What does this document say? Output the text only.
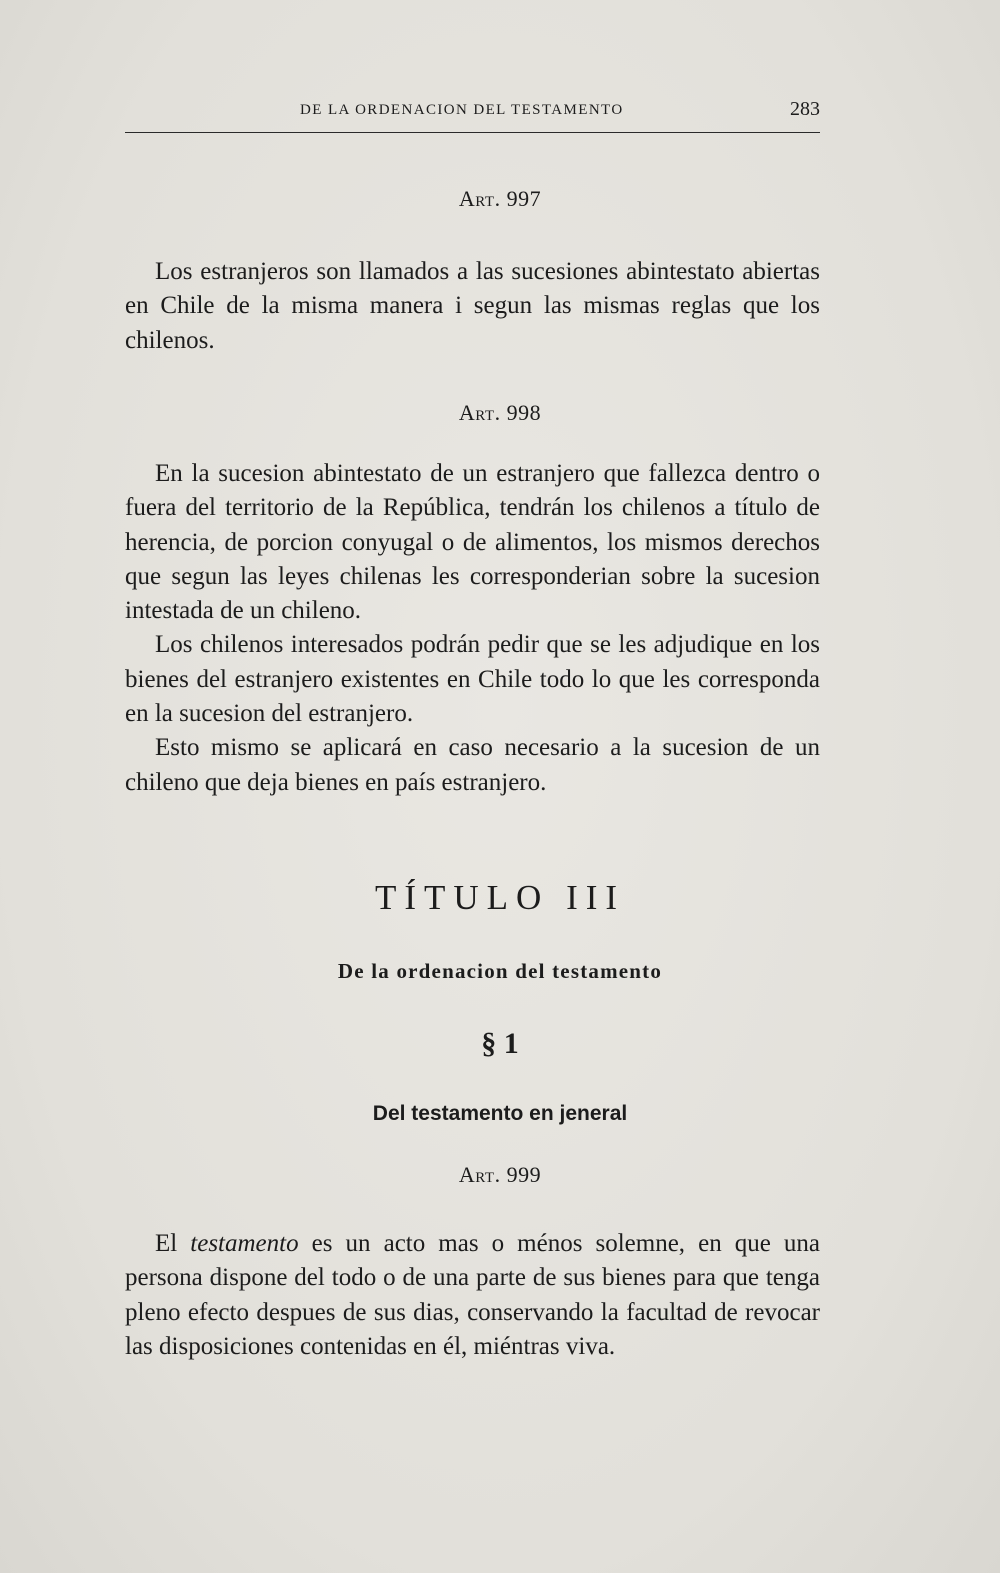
DE LA ORDENACION DEL TESTAMENTO	283
Art. 997

Los estranjeros son llamados a las sucesiones abintestato abiertas en Chile de la misma manera i segun las mismas reglas que los chilenos.

Art. 998

En la sucesion abintestato de un estranjero que fallezca dentro o fuera del territorio de la República, tendrán los chilenos a título de herencia, de porcion conyugal o de alimentos, los mismos derechos que segun las leyes chilenas les corresponderian sobre la sucesion intestada de un chileno.

Los chilenos interesados podrán pedir que se les adjudique en los bienes del estranjero existentes en Chile todo lo que les corresponda en la sucesion del estranjero.

Esto mismo se aplicará en caso necesario a la sucesion de un chileno que deja bienes en país estranjero.

TÍTULO III
De la ordenacion del testamento
§ 1
Del testamento en jeneral
Art. 999

El testamento es un acto mas o ménos solemne, en que una persona dispone del todo o de una parte de sus bienes para que tenga pleno efecto despues de sus dias, conservando la facultad de revocar las disposiciones contenidas en él, miéntras viva.
